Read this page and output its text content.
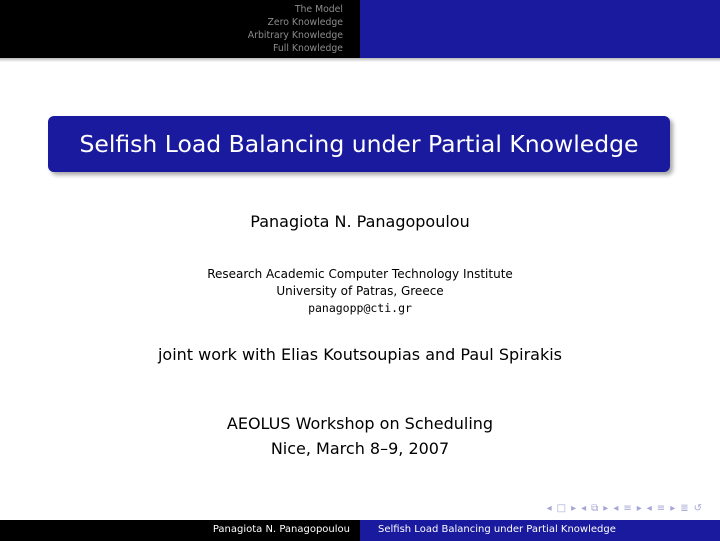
The Model
Zero Knowledge
Arbitrary Knowledge
Full Knowledge
Selfish Load Balancing under Partial Knowledge
Panagiota N. Panagopoulou
Research Academic Computer Technology Institute
University of Patras, Greece
panagopp@cti.gr
joint work with Elias Koutsoupias and Paul Spirakis
AEOLUS Workshop on Scheduling
Nice, March 8–9, 2007
◂ □ ▸ ◂ ⧉ ▸ ◂ ≡ ▸ ◂ ≡ ▸ ≣ ↺
Panagiota N. Panagopoulou	Selfish Load Balancing under Partial Knowledge
